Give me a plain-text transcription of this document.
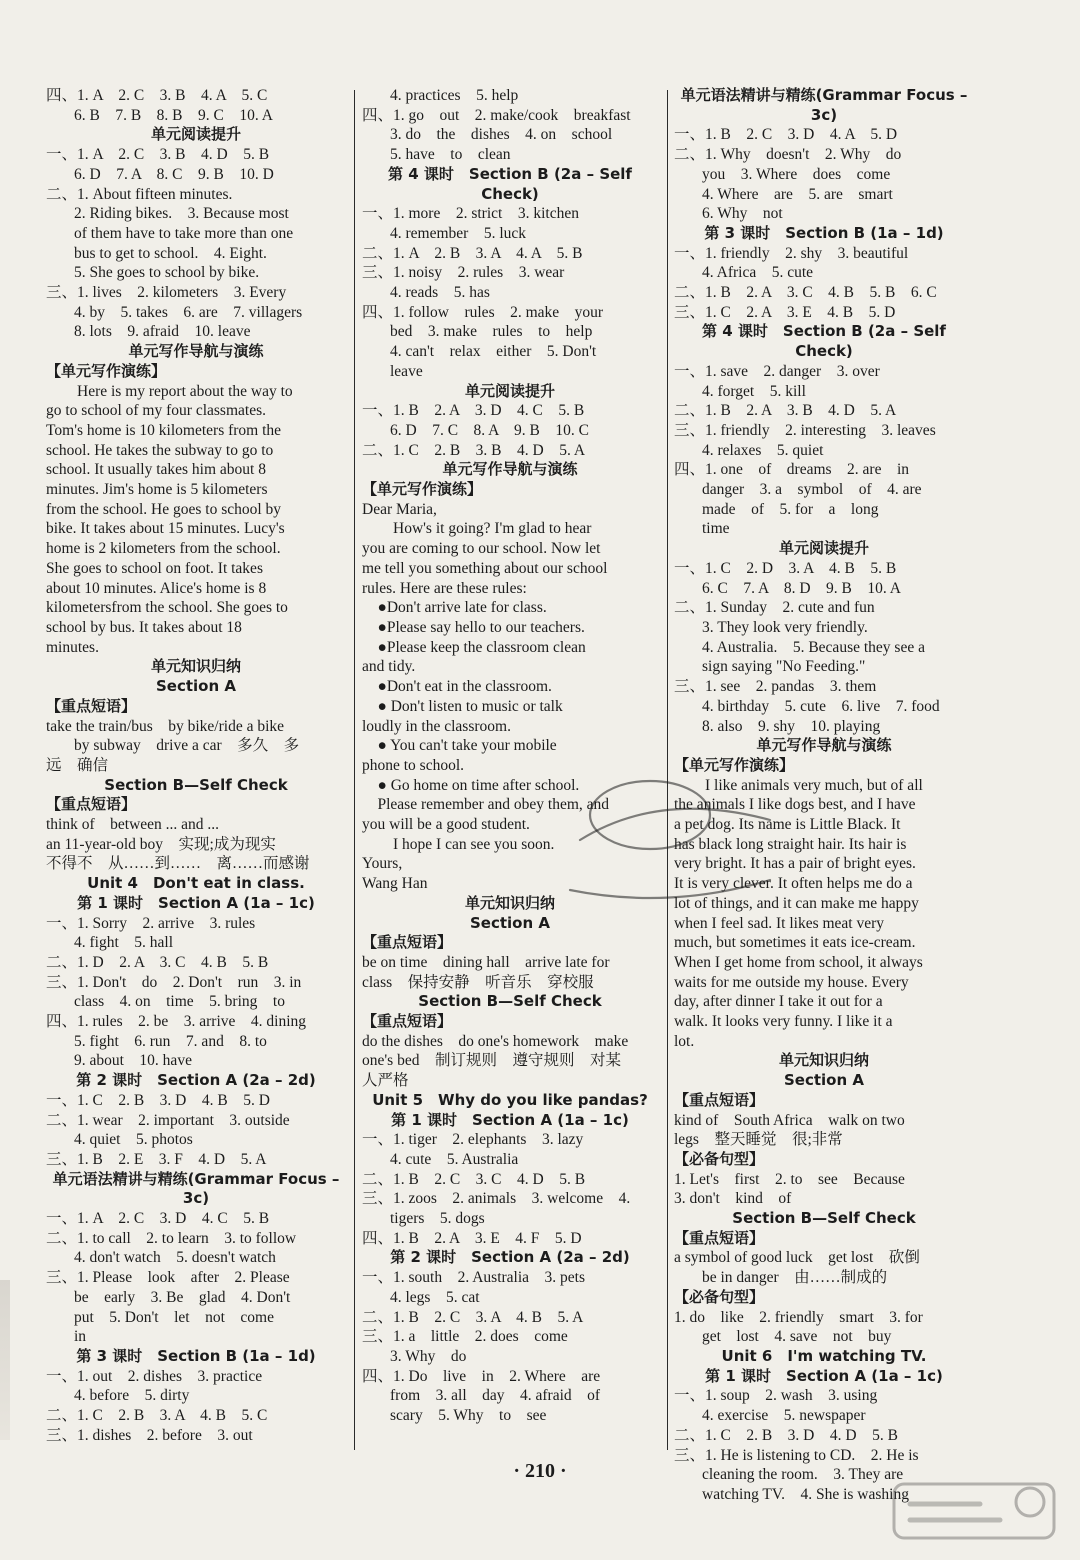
四、1. A　2. C　3. B　4. A　5. C
6. B　7. B　8. B　9. C　10. A
单元阅读提升
一、1. A　2. C　3. B　4. D　5. B
6. D　7. A　8. C　9. B　10. D
二、1. About fifteen minutes.
2. Riding bikes.　3. Because most
of them have to take more than one
bus to get to school.　4. Eight.
5. She goes to school by bike.
三、1. lives　2. kilometers　3. Every
4. by　5. takes　6. are　7. villagers
8. lots　9. afraid　10. leave
单元写作导航与演练
【单元写作演练】
　　Here is my report about the way to
go to school of my four classmates.
Tom's home is 10 kilometers from the
school. He takes the subway to go to
school. It usually takes him about 8
minutes. Jim's home is 5 kilometers
from the school. He goes to school by
bike. It takes about 15 minutes. Lucy's
home is 2 kilometers from the school.
She goes to school on foot. It takes
about 10 minutes. Alice's home is 8
kilometersfrom the school. She goes to
school by bus. It takes about 18
minutes.
单元知识归纳
Section A
【重点短语】
take the train/bus　by bike/ride a bike
by subway　drive a car　多久　多
远　确信
Section B—Self Check
【重点短语】
think of　between ... and ...
an 11-year-old boy　实现;成为现实
不得不　从……到……　离……而感谢
Unit 4　Don't eat in class.
第 1 课时　Section A (1a – 1c)
一、1. Sorry　2. arrive　3. rules
4. fight　5. hall
二、1. D　2. A　3. C　4. B　5. B
三、1. Don't　do　2. Don't　run　3. in
class　4. on　time　5. bring　to
四、1. rules　2. be　3. arrive　4. dining
5. fight　6. run　7. and　8. to
9. about　10. have
第 2 课时　Section A (2a – 2d)
一、1. C　2. B　3. D　4. B　5. D
二、1. wear　2. important　3. outside
4. quiet　5. photos
三、1. B　2. E　3. F　4. D　5. A
单元语法精讲与精练(Grammar Focus –3c)
一、1. A　2. C　3. D　4. C　5. B
二、1. to call　2. to learn　3. to follow
4. don't watch　5. doesn't watch
三、1. Please　look　after　2. Please
be　early　3. Be　glad　4. Don't
put　5. Don't　let　not　come
in
第 3 课时　Section B (1a – 1d)
一、1. out　2. dishes　3. practice
4. before　5. dirty
二、1. C　2. B　3. A　4. B　5. C
三、1. dishes　2. before　3. out
4. practices　5. help
四、1. go　out　2. make/cook　breakfast
3. do　the　dishes　4. on　school
5. have　to　clean
第 4 课时　Section B (2a – Self Check)
一、1. more　2. strict　3. kitchen
4. remember　5. luck
二、1. A　2. B　3. A　4. A　5. B
三、1. noisy　2. rules　3. wear
4. reads　5. has
四、1. follow　rules　2. make　your
bed　3. make　rules　to　help
4. can't　relax　either　5. Don't
leave
单元阅读提升
一、1. B　2. A　3. D　4. C　5. B
6. D　7. C　8. A　9. B　10. C
二、1. C　2. B　3. B　4. D　5. A
单元写作导航与演练
【单元写作演练】
Dear Maria,
　　How's it going? I'm glad to hear
you are coming to our school. Now let
me tell you something about our school
rules. Here are these rules:
　●Don't arrive late for class.
　●Please say hello to our teachers.
　●Please keep the classroom clean
and tidy.
　●Don't eat in the classroom.
　● Don't listen to music or talk
loudly in the classroom.
　● You can't take your mobile
phone to school.
　● Go home on time after school.
　Please remember and obey them, and
you will be a good student.
　　I hope I can see you soon.
Yours,
Wang Han
单元知识归纳
Section A
【重点短语】
be on time　dining hall　arrive late for
class　保持安静　听音乐　穿校服
Section B—Self Check
【重点短语】
do the dishes　do one's homework　make
one's bed　制订规则　遵守规则　对某
人严格
Unit 5　Why do you like pandas?
第 1 课时　Section A (1a – 1c)
一、1. tiger　2. elephants　3. lazy
4. cute　5. Australia
二、1. B　2. C　3. C　4. D　5. B
三、1. zoos　2. animals　3. welcome　4.
tigers　5. dogs
四、1. B　2. A　3. E　4. F　5. D
第 2 课时　Section A (2a – 2d)
一、1. south　2. Australia　3. pets
4. legs　5. cat
二、1. B　2. C　3. A　4. B　5. A
三、1. a　little　2. does　come
3. Why　do
四、1. Do　live　in　2. Where　are
from　3. all　day　4. afraid　of
scary　5. Why　to　see
单元语法精讲与精练(Grammar Focus –3c)
一、1. B　2. C　3. D　4. A　5. D
二、1. Why　doesn't　2. Why　do
you　3. Where　does　come
4. Where　are　5. are　smart
6. Why　not
第 3 课时　Section B (1a – 1d)
一、1. friendly　2. shy　3. beautiful
4. Africa　5. cute
二、1. B　2. A　3. C　4. B　5. B　6. C
三、1. C　2. A　3. E　4. B　5. D
第 4 课时　Section B (2a – Self Check)
一、1. save　2. danger　3. over
4. forget　5. kill
二、1. B　2. A　3. B　4. D　5. A
三、1. friendly　2. interesting　3. leaves
4. relaxes　5. quiet
四、1. one　of　dreams　2. are　in
danger　3. a　symbol　of　4. are
made　of　5. for　a　long
time
单元阅读提升
一、1. C　2. D　3. A　4. B　5. B
6. C　7. A　8. D　9. B　10. A
二、1. Sunday　2. cute and fun
3. They look very friendly.
4. Australia.　5. Because they see a
sign saying "No Feeding."
三、1. see　2. pandas　3. them
4. birthday　5. cute　6. live　7. food
8. also　9. shy　10. playing
单元写作导航与演练
【单元写作演练】
　　I like animals very much, but of all
the animals I like dogs best, and I have
a pet dog. Its name is Little Black. It
has black long straight hair. Its hair is
very bright. It has a pair of bright eyes.
It is very clever. It often helps me do a
lot of things, and it can make me happy
when I feel sad. It likes meat very
much, but sometimes it eats ice-cream.
When I get home from school, it always
waits for me outside my house. Every
day, after dinner I take it out for a
walk. It looks very funny. I like it a
lot.
单元知识归纳
Section A
【重点短语】
kind of　South Africa　walk on two
legs　整天睡觉　很;非常
【必备句型】
1. Let's　first　2. to　see　Because
3. don't　kind　of
Section B—Self Check
【重点短语】
a symbol of good luck　get lost　砍倒
be in danger　由……制成的
【必备句型】
1. do　like　2. friendly　smart　3. for
get　lost　4. save　not　buy
Unit 6　I'm watching TV.
第 1 课时　Section A (1a – 1c)
一、1. soup　2. wash　3. using
4. exercise　5. newspaper
二、1. C　2. B　3. D　4. D　5. B
三、1. He is listening to CD.　2. He is
cleaning the room.　3. They are
watching TV.　4. She is washing
· 210 ·
